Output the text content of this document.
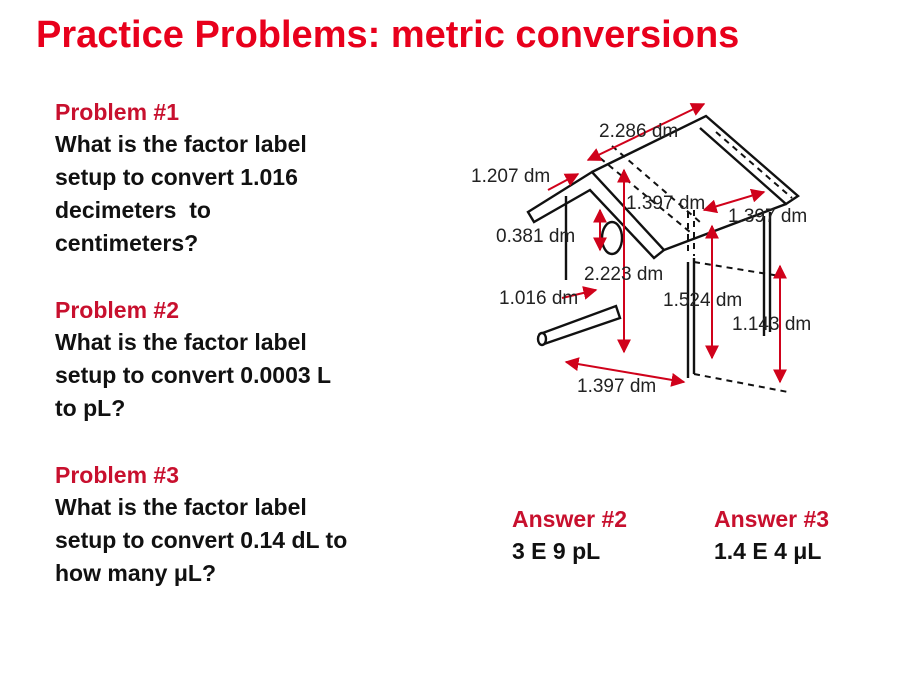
Practice Problems: metric conversions
Problem #1
What is the factor label
setup to convert 1.016
decimeters  to
centimeters?
Problem #2
What is the factor label
setup to convert 0.0003 L
to pL?
Problem #3
What is the factor label
setup to convert 0.14 dL to
how many μL?
Answer #2
3 E 9 pL
Answer #3
1.4 E 4 μL
2.286 dm
1.207 dm
1.397 dm
1.397 dm
0.381 dm
2.223 dm
1.016 dm	1.524 dm
1.143 dm
1.397 dm
